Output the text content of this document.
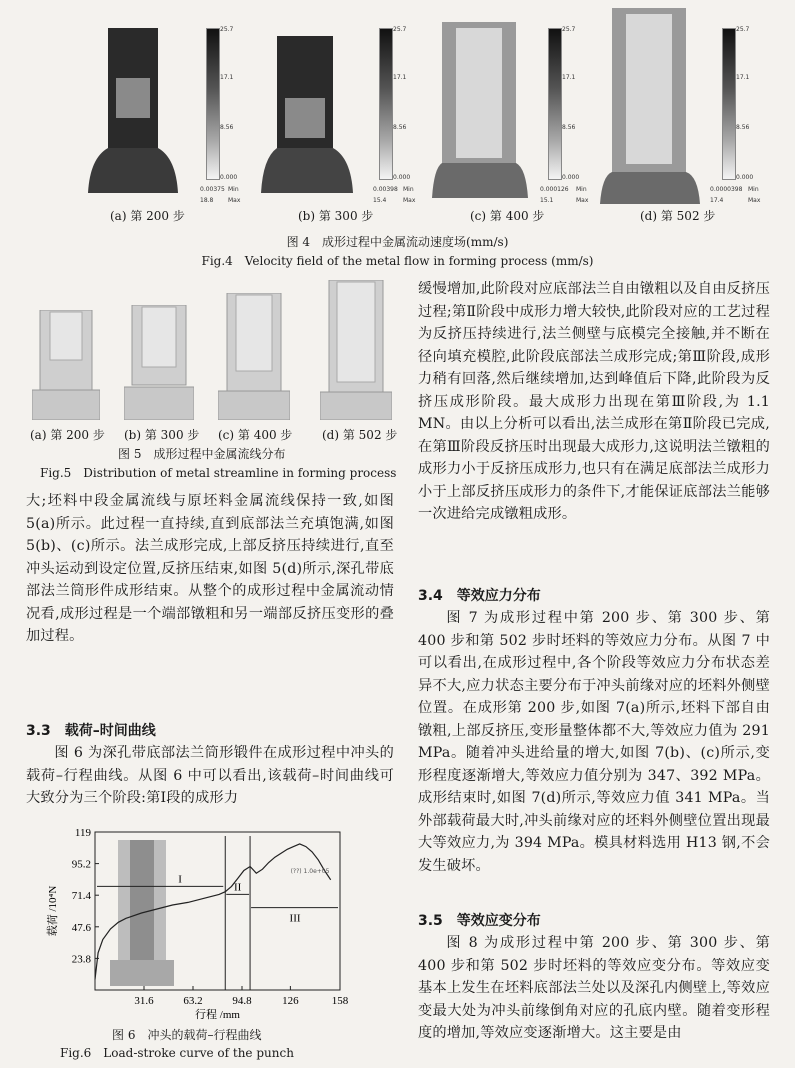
25.7
17.1
8.56
0.000
0.00375 Min
18.8 Max
(a) 第 200 步
25.7
17.1
8.56
0.000
0.00398 Min
15.4	Max
(b) 第 300 步
25.7
17.1
8.56
0.000
0.000126 Min
15.1	Max
(c) 第 400 步
25.7
17.1
8.56
0.000
0.0000398 Min
17.4	Max
(d) 第 502 步
图 4　成形过程中金属流动速度场(mm/s)
Fig.4　Velocity field of the metal flow in forming process (mm/s)
(a) 第 200 步 (b) 第 300 步 (c) 第 400 步 (d) 第 502 步
图 5　成形过程中金属流线分布
Fig.5　Distribution of metal streamline in forming process
大;坯料中段金属流线与原坯料金属流线保持一致,如图 5(a)所示。此过程一直持续,直到底部法兰充填饱满,如图 5(b)、(c)所示。法兰成形完成,上部反挤压持续进行,直至冲头运动到设定位置,反挤压结束,如图 5(d)所示,深孔带底部法兰筒形件成形结束。从整个的成形过程中金属流动情况看,成形过程是一个端部镦粗和另一端部反挤压变形的叠加过程。
3.3　载荷–时间曲线
图 6 为深孔带底部法兰筒形锻件在成形过程中冲头的载荷–行程曲线。从图 6 中可以看出,该载荷–时间曲线可大致分为三个阶段:第Ⅰ段的成形力
31.6	63.2	94.8	126	158
23.8
47.6
71.4
95.2
119
行程 /mm
载荷 /10⁴N
I
II
III
(??) 1.0e+05
图 6　冲头的载荷–行程曲线
Fig.6　Load-stroke curve of the punch
缓慢增加,此阶段对应底部法兰自由镦粗以及自由反挤压过程;第Ⅱ阶段中成形力增大较快,此阶段对应的工艺过程为反挤压持续进行,法兰侧壁与底模完全接触,并不断在径向填充模腔,此阶段底部法兰成形完成;第Ⅲ阶段,成形力稍有回落,然后继续增加,达到峰值后下降,此阶段为反挤压成形阶段。最大成形力出现在第Ⅲ阶段,为 1.1 MN。由以上分析可以看出,法兰成形在第Ⅱ阶段已完成,在第Ⅲ阶段反挤压时出现最大成形力,这说明法兰镦粗的成形力小于反挤压成形力,也只有在满足底部法兰成形力小于上部反挤压成形力的条件下,才能保证底部法兰能够一次进给完成镦粗成形。
3.4　等效应力分布
图 7 为成形过程中第 200 步、第 300 步、第 400 步和第 502 步时坯料的等效应力分布。从图 7 中可以看出,在成形过程中,各个阶段等效应力分布状态差异不大,应力状态主要分布于冲头前缘对应的坯料外侧壁位置。在成形第 200 步,如图 7(a)所示,坯料下部自由镦粗,上部反挤压,变形量整体都不大,等效应力值为 291 MPa。随着冲头进给量的增大,如图 7(b)、(c)所示,变形程度逐渐增大,等效应力值分别为 347、392 MPa。成形结束时,如图 7(d)所示,等效应力值 341 MPa。当外部载荷最大时,冲头前缘对应的坯料外侧壁位置出现最大等效应力,为 394 MPa。模具材料选用 H13 钢,不会发生破坏。
3.5　等效应变分布
图 8 为成形过程中第 200 步、第 300 步、第 400 步和第 502 步时坯料的等效应变分布。等效应变基本上发生在坯料底部法兰处以及深孔内侧壁上,等效应变最大处为冲头前缘倒角对应的孔底内壁。随着变形程度的增加,等效应变逐渐增大。这主要是由
